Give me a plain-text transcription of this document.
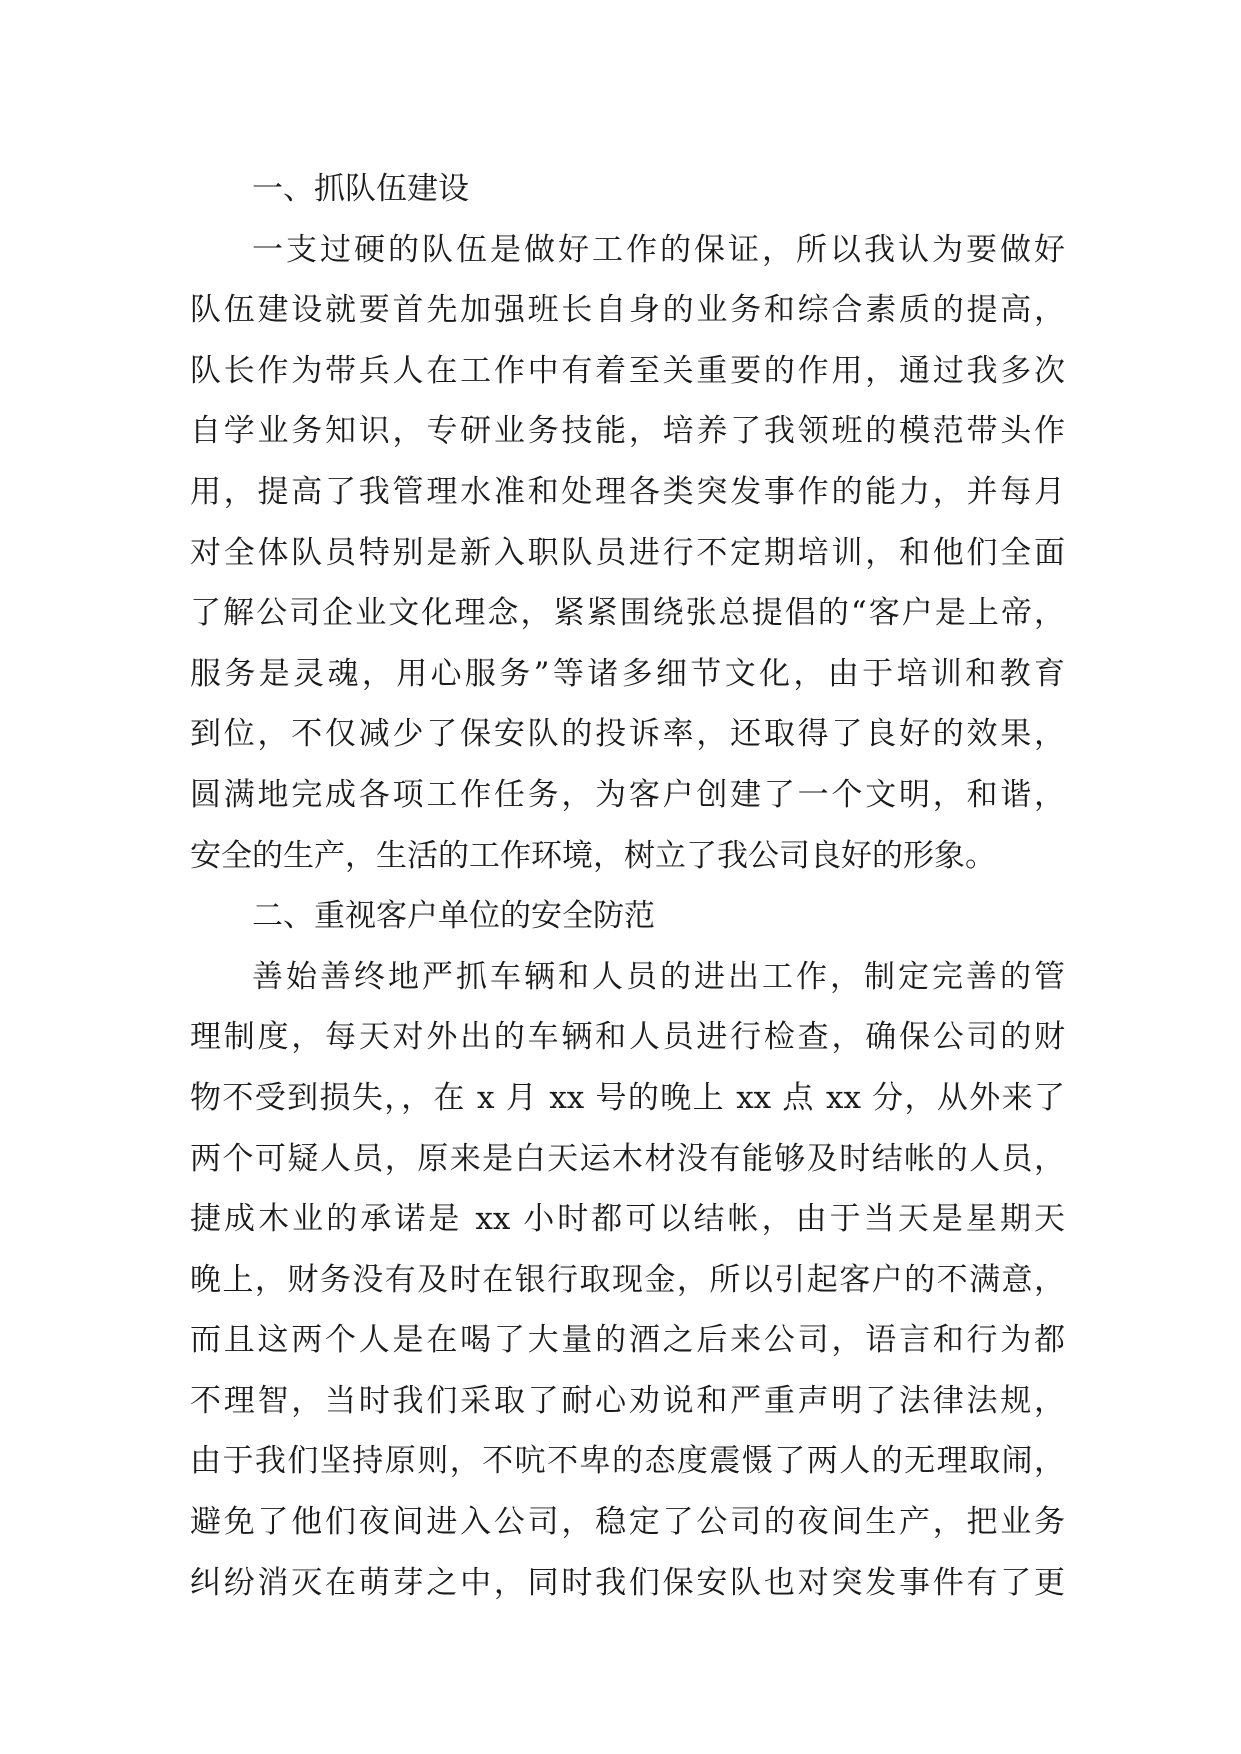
一、抓队伍建设
一支过硬的队伍是做好工作的保证，所以我认为要做好
队伍建设就要首先加强班长自身的业务和综合素质的提高，
队长作为带兵人在工作中有着至关重要的作用，通过我多次
自学业务知识，专研业务技能，培养了我领班的模范带头作
用，提高了我管理水准和处理各类突发事作的能力，并每月
对全体队员特别是新入职队员进行不定期培训，和他们全面
了解公司企业文化理念，紧紧围绕张总提倡的“客户是上帝，
服务是灵魂，用心服务”等诸多细节文化，由于培训和教育
到位，不仅减少了保安队的投诉率，还取得了良好的效果，
圆满地完成各项工作任务，为客户创建了一个文明，和谐，
安全的生产，生活的工作环境，树立了我公司良好的形象。
二、重视客户单位的安全防范
善始善终地严抓车辆和人员的进出工作，制定完善的管
理制度，每天对外出的车辆和人员进行检查，确保公司的财
物不受到损失，，在 x 月 xx 号的晚上 xx 点 xx 分，从外来了
两个可疑人员，原来是白天运木材没有能够及时结帐的人员，
捷成木业的承诺是 xx 小时都可以结帐，由于当天是星期天
晚上，财务没有及时在银行取现金，所以引起客户的不满意，
而且这两个人是在喝了大量的酒之后来公司，语言和行为都
不理智，当时我们采取了耐心劝说和严重声明了法律法规，
由于我们坚持原则，不吭不卑的态度震慑了两人的无理取闹，
避免了他们夜间进入公司，稳定了公司的夜间生产，把业务
纠纷消灭在萌芽之中，同时我们保安队也对突发事件有了更
